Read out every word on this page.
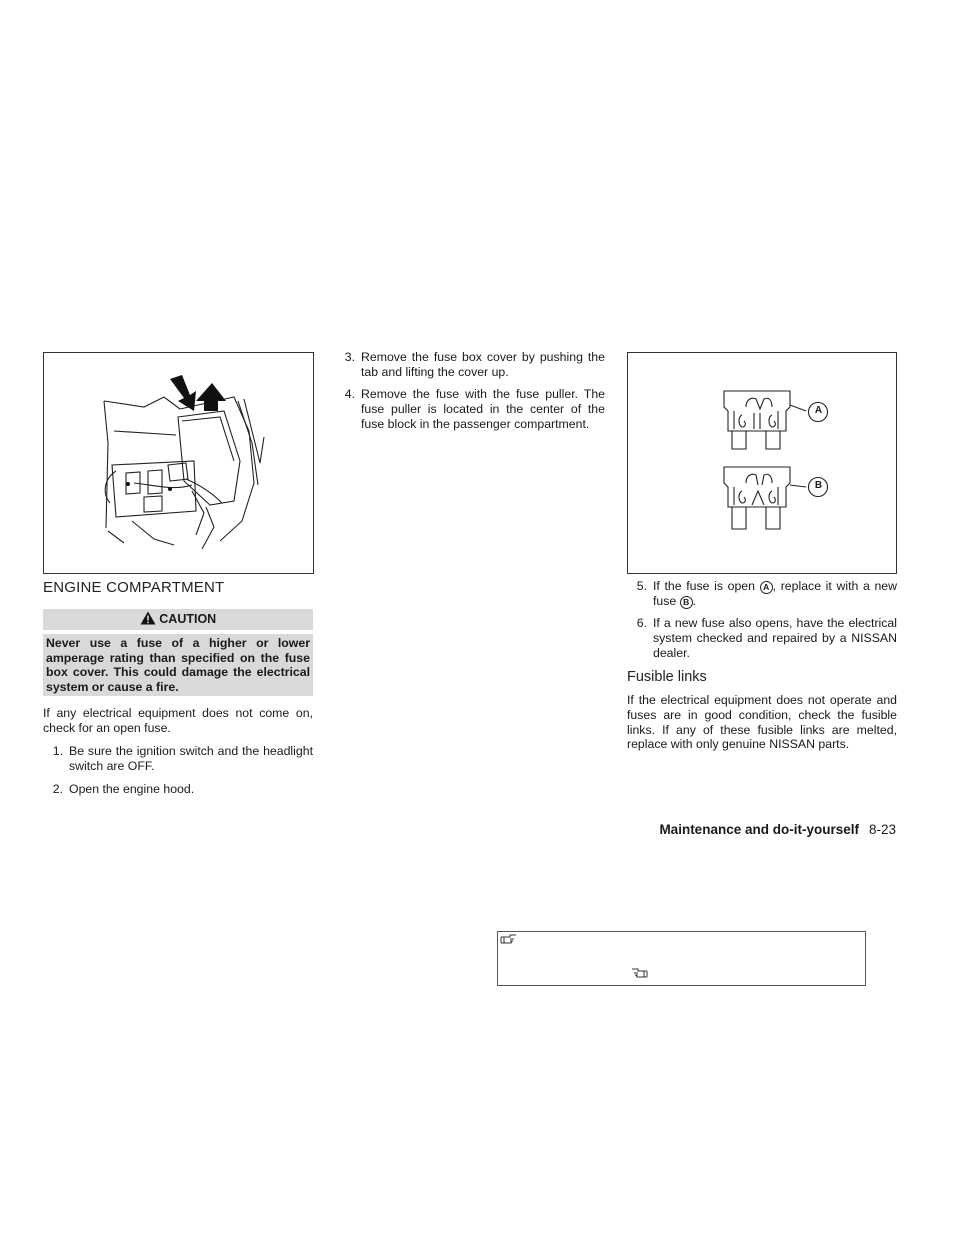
ENGINE COMPARTMENT
CAUTION
Never use a fuse of a higher or lower amperage rating than specified on the fuse box cover. This could damage the electrical system or cause a fire.
If any electrical equipment does not come on, check for an open fuse.
1. Be sure the ignition switch and the headlight switch are OFF.
2. Open the engine hood.
3. Remove the fuse box cover by pushing the tab and lifting the cover up.
4. Remove the fuse with the fuse puller. The fuse puller is located in the center of the fuse block in the passenger compartment.
A
B
5. If the fuse is open A , replace it with a new fuse B .
6. If a new fuse also opens, have the electrical system checked and repaired by a NISSAN dealer.
Fusible links
If the electrical equipment does not operate and fuses are in good condition, check the fusible links. If any of these fusible links are melted, replace with only genuine NISSAN parts.
Maintenance and do-it-yourself 8-23
